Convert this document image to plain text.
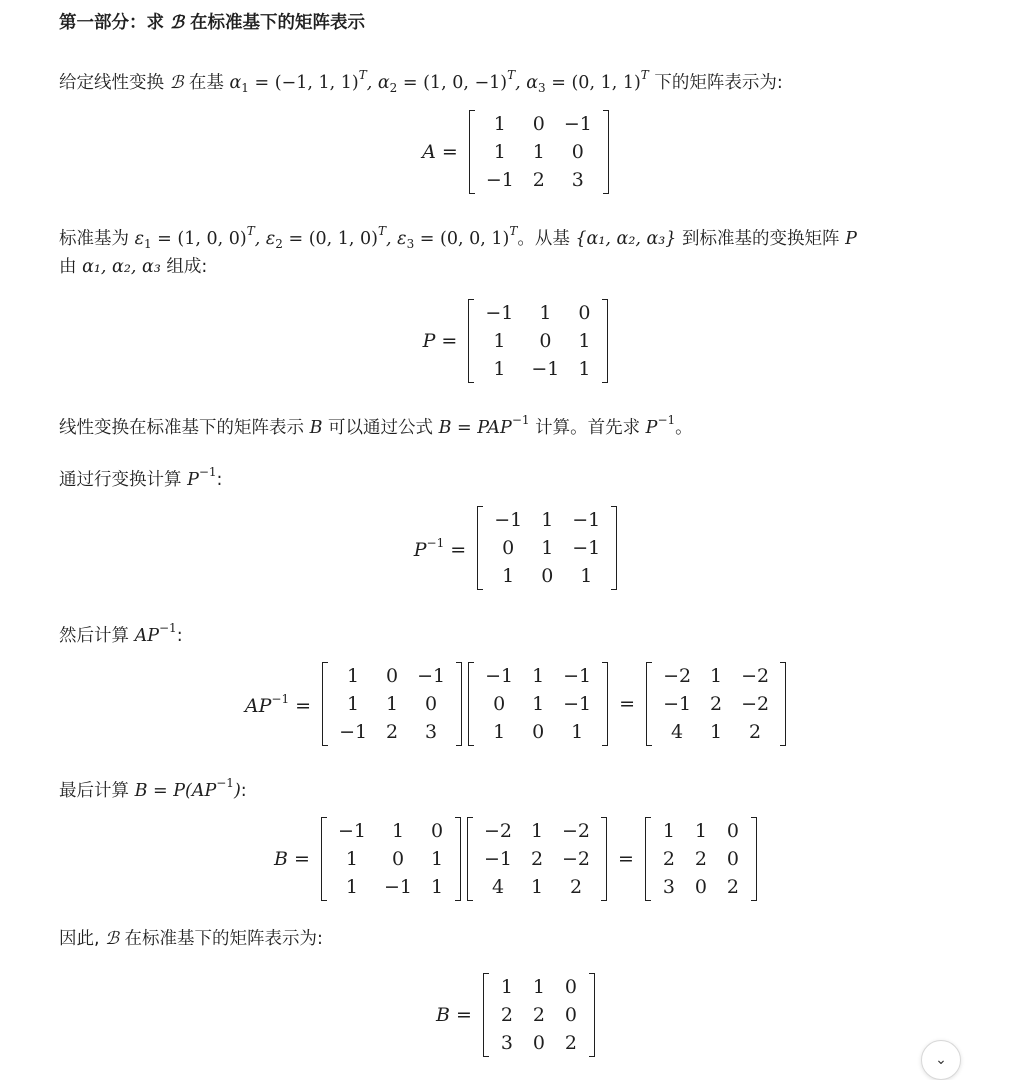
第一部分：求 ℬ 在标准基下的矩阵表示
给定线性变换 ℬ 在基 $\alpha_1 = (-1$, 1, 1)$^T$, $\alpha_2 = (1$, 0, −1)$^T$, $\alpha_3 = (0$, 1, 1)$^T$ 下的矩阵表示为:
A =
1	0	−1
1	1	0
−1	2	3
标准基为 $\varepsilon_1 = (1$, 0, 0)$^T$, $\varepsilon_2 = (0$, 1, 0)$^T$, $\varepsilon_3 = (0$, 0, 1)$^T$。从基 {α₁, α₂, α₃} 到标准基的变换矩阵 P
由 α₁, α₂, α₃ 组成:
P =
−1	1	0
1	0	1
1	−1	1
线性变换在标准基下的矩阵表示 B 可以通过公式 $B = PAP^{-1}$ 计算。首先求 $P^{-1}$。
通过行变换计算 $P^{-1}$:
$P^{-1}$ =
−1	1	−1
0	1	−1
1	0	1
然后计算 $AP^{-1}$:
$AP^{-1}$ =
1	0	−1
1	1	0
−1	2	3
−1	1	−1
0	1	−1
1	0	1
=
−2	1	−2
−1	2	−2
4	1	2
最后计算 $B = P(AP^{-1})$:
B =
−1	1	0
1	0	1
1	−1	1
−2	1	−2
−1	2	−2
4	1	2
=
1	1	0
2	2	0
3	0	2
因此, ℬ 在标准基下的矩阵表示为:
B =
1	1	0
2	2	0
3	0	2
⌄
